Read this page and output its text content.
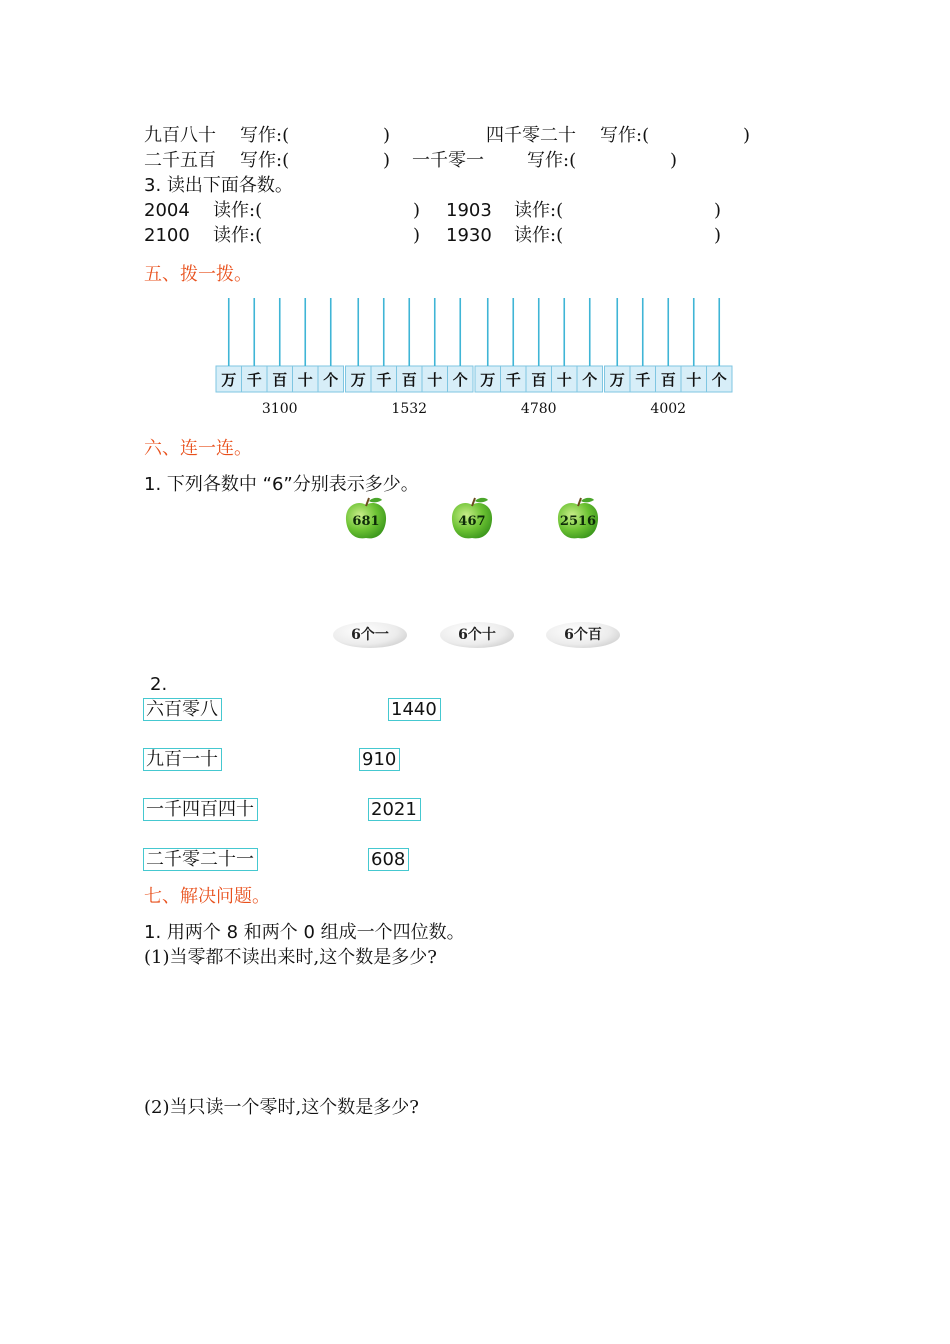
九百八十 写作:(	)	四千零二十 写作:(	)
二千五百 写作:(	) 一千零一 写作:(	)
3. 读出下面各数。
2004 读作:(	) 1903 读作:(	)
2100 读作:(	) 1930 读作:(	)
五、拨一拨。
万 千 百 十 个
3100
万 千 百 十 个
1532
万 千 百 十 个
4780
万 千 百 十 个
4002
六、连一连。
1. 下列各数中 “6”分别表示多少。
681	467	2516
6个一	6个十	6个百
2.
六百零八
九百一十
一千四百四十
二千零二十一
1440
910
2021
608
七、解决问题。
1. 用两个 8 和两个 0 组成一个四位数。
(1)当零都不读出来时,这个数是多少?
(2)当只读一个零时,这个数是多少?
